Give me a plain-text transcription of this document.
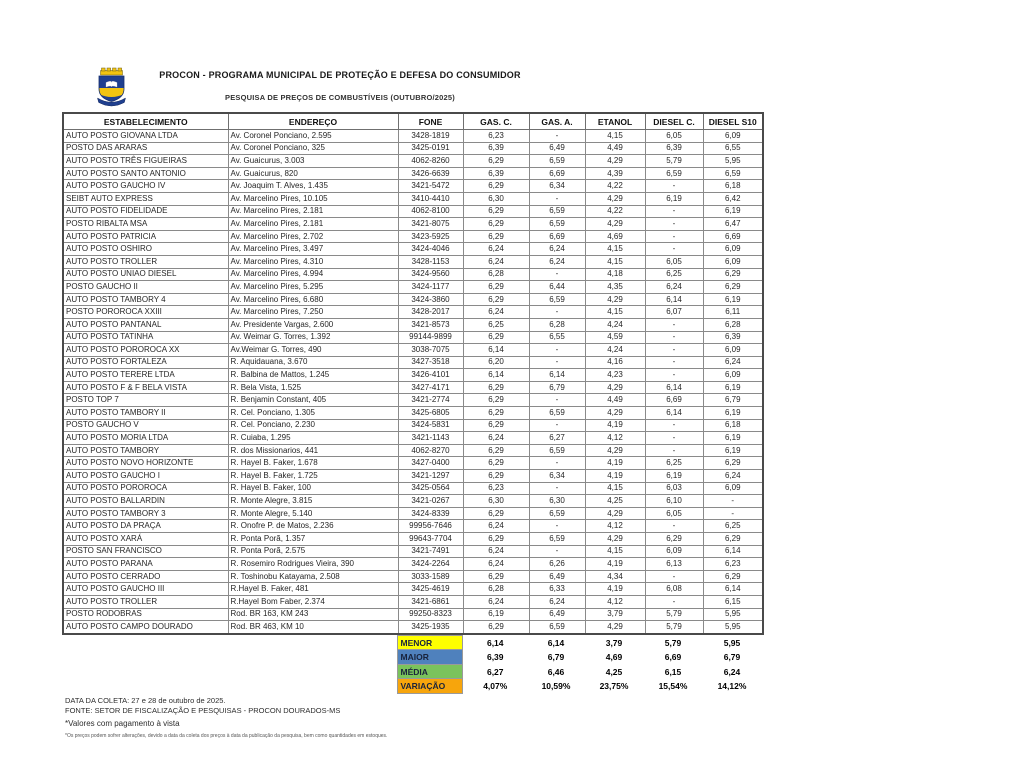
PROCON - PROGRAMA MUNICIPAL DE PROTEÇÃO E DEFESA DO CONSUMIDOR
PESQUISA DE PREÇOS DE COMBUSTÍVEIS (OUTUBRO/2025)
ESTABELECIMENTO	ENDEREÇO	FONE	GAS. C.	GAS. A.	ETANOL	DIESEL C.	DIESEL S10
AUTO POSTO GIOVANA LTDA	Av. Coronel Ponciano, 2.595	3428-1819	6,23	-	4,15	6,05	6,09
POSTO DAS ARARAS	Av. Coronel Ponciano, 325	3425-0191	6,39	6,49	4,49	6,39	6,55
AUTO POSTO TRÊS FIGUEIRAS	Av. Guaicurus, 3.003	4062-8260	6,29	6,59	4,29	5,79	5,95
AUTO POSTO SANTO ANTONIO	Av. Guaicurus, 820	3426-6639	6,39	6,69	4,39	6,59	6,59
AUTO POSTO GAUCHO IV	Av. Joaquim T. Alves, 1.435	3421-5472	6,29	6,34	4,22	-	6,18
SEIBT AUTO EXPRESS	Av. Marcelino Pires, 10.105	3410-4410	6,30	-	4,29	6,19	6,42
AUTO POSTO FIDELIDADE	Av. Marcelino Pires, 2.181	4062-8100	6,29	6,59	4,22	-	6,19
POSTO RIBALTA MSA	Av. Marcelino Pires, 2.181	3421-8075	6,29	6,59	4,29	-	6,47
AUTO POSTO PATRICIA	Av. Marcelino Pires, 2.702	3423-5925	6,29	6,69	4,69	-	6,69
AUTO POSTO OSHIRO	Av. Marcelino Pires, 3.497	3424-4046	6,24	6,24	4,15	-	6,09
AUTO POSTO TROLLER	Av. Marcelino Pires, 4.310	3428-1153	6,24	6,24	4,15	6,05	6,09
AUTO POSTO UNIAO DIESEL	Av. Marcelino Pires, 4.994	3424-9560	6,28	-	4,18	6,25	6,29
POSTO GAUCHO II	Av. Marcelino Pires, 5.295	3424-1177	6,29	6,44	4,35	6,24	6,29
AUTO POSTO TAMBORY 4	Av. Marcelino Pires, 6.680	3424-3860	6,29	6,59	4,29	6,14	6,19
POSTO POROROCA XXIII	Av. Marcelino Pires, 7.250	3428-2017	6,24	-	4,15	6,07	6,11
AUTO POSTO PANTANAL	Av. Presidente Vargas, 2.600	3421-8573	6,25	6,28	4,24	-	6,28
AUTO POSTO TATINHA	Av. Weimar G. Torres, 1.392	99144-9899	6,29	6,55	4,59	-	6,39
AUTO POSTO POROROCA XX	Av.Weimar G. Torres, 490	3038-7075	6,14	-	4,24	-	6,09
AUTO POSTO FORTALEZA	R. Aquidauana, 3.670	3427-3518	6,20	-	4,16	-	6,24
AUTO POSTO TERERE LTDA	R. Balbina de Mattos, 1.245	3426-4101	6,14	6,14	4,23	-	6,09
AUTO POSTO F & F BELA VISTA	R. Bela Vista, 1.525	3427-4171	6,29	6,79	4,29	6,14	6,19
POSTO TOP 7	R. Benjamin Constant, 405	3421-2774	6,29	-	4,49	6,69	6,79
AUTO POSTO TAMBORY II	R. Cel. Ponciano, 1.305	3425-6805	6,29	6,59	4,29	6,14	6,19
POSTO GAUCHO V	R. Cel. Ponciano, 2.230	3424-5831	6,29	-	4,19	-	6,18
AUTO POSTO MORIA LTDA	R. Cuiaba, 1.295	3421-1143	6,24	6,27	4,12	-	6,19
AUTO POSTO TAMBORY	R. dos Missionarios, 441	4062-8270	6,29	6,59	4,29	-	6,19
AUTO POSTO NOVO HORIZONTE	R. Hayel B. Faker, 1.678	3427-0400	6,29	-	4,19	6,25	6,29
AUTO POSTO GAUCHO I	R. Hayel B. Faker, 1.725	3421-1297	6,29	6,34	4,19	6,19	6,24
AUTO POSTO POROROCA	R. Hayel B. Faker, 100	3425-0564	6,23	-	4,15	6,03	6,09
AUTO POSTO BALLARDIN	R. Monte Alegre, 3.815	3421-0267	6,30	6,30	4,25	6,10	-
AUTO POSTO TAMBORY 3	R. Monte Alegre, 5.140	3424-8339	6,29	6,59	4,29	6,05	-
AUTO POSTO DA PRAÇA	R. Onofre P. de Matos, 2.236	99956-7646	6,24	-	4,12	-	6,25
AUTO POSTO XARÁ	R. Ponta Porã, 1.357	99643-7704	6,29	6,59	4,29	6,29	6,29
POSTO SAN FRANCISCO	R. Ponta Porã, 2.575	3421-7491	6,24	-	4,15	6,09	6,14
AUTO POSTO PARANA	R. Rosemiro Rodrigues Vieira, 390	3424-2264	6,24	6,26	4,19	6,13	6,23
AUTO POSTO CERRADO	R. Toshinobu Katayama, 2.508	3033-1589	6,29	6,49	4,34	-	6,29
AUTO POSTO GAUCHO III	R.Hayel B. Faker, 481	3425-4619	6,28	6,33	4,19	6,08	6,14
AUTO POSTO TROLLER	R.Hayel Bom Faber, 2.374	3421-6861	6,24	6,24	4,12	-	6,15
POSTO RODOBRAS	Rod. BR 163, KM 243	99250-8323	6,19	6,49	3,79	5,79	5,95
AUTO POSTO CAMPO DOURADO	Rod. BR 463, KM 10	3425-1935	6,29	6,59	4,29	5,79	5,95
	MENOR	6,14	6,14	3,79	5,79	5,95
	MAIOR	6,39	6,79	4,69	6,69	6,79
	MÉDIA	6,27	6,46	4,25	6,15	6,24
	VARIAÇÃO	4,07%	10,59%	23,75%	15,54%	14,12%
DATA DA COLETA: 27 e 28 de outubro de 2025.
FONTE: SETOR DE FISCALIZAÇÃO E PESQUISAS - PROCON DOURADOS-MS
*Valores com pagamento à vista
*Os preços podem sofrer alterações, devido a data da coleta dos preços à data da publicação da pesquisa, bem como quantidades em estoques.
